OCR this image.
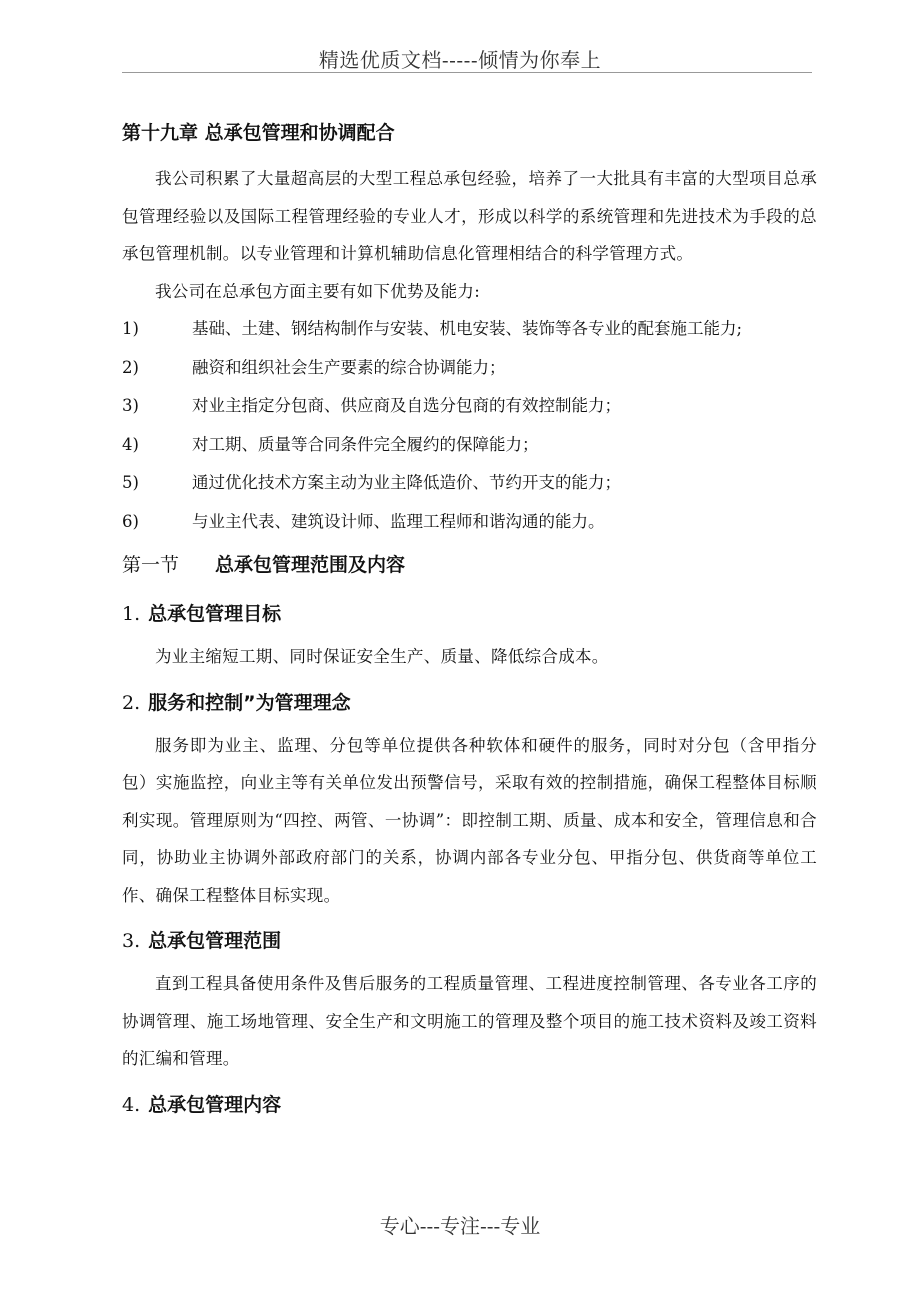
精选优质文档-----倾情为你奉上
第十九章 总承包管理和协调配合

我公司积累了大量超高层的大型工程总承包经验，培养了一大批具有丰富的大型项目总承包管理经验以及国际工程管理经验的专业人才，形成以科学的系统管理和先进技术为手段的总承包管理机制。以专业管理和计算机辅助信息化管理相结合的科学管理方式。

我公司在总承包方面主要有如下优势及能力:

1)	基础、土建、钢结构制作与安装、机电安装、装饰等各专业的配套施工能力;
2)	融资和组织社会生产要素的综合协调能力；
3)	对业主指定分包商、供应商及自选分包商的有效控制能力；
4)	对工期、质量等合同条件完全履约的保障能力；
5)	通过优化技术方案主动为业主降低造价、节约开支的能力；
6)	与业主代表、建筑设计师、监理工程师和谐沟通的能力。
第一节 总承包管理范围及内容
1. 总承包管理目标

为业主缩短工期、同时保证安全生产、质量、降低综合成本。

2. 服务和控制”为管理理念

服务即为业主、监理、分包等单位提供各种软体和硬件的服务，同时对分包（含甲指分包）实施监控，向业主等有关单位发出预警信号，采取有效的控制措施，确保工程整体目标顺利实现。管理原则为“四控、两管、一协调”：即控制工期、质量、成本和安全，管理信息和合同，协助业主协调外部政府部门的关系，协调内部各专业分包、甲指分包、供货商等单位工作、确保工程整体目标实现。

3. 总承包管理范围

直到工程具备使用条件及售后服务的工程质量管理、工程进度控制管理、各专业各工序的协调管理、施工场地管理、安全生产和文明施工的管理及整个项目的施工技术资料及竣工资料的汇编和管理。

4. 总承包管理内容
专心---专注---专业
